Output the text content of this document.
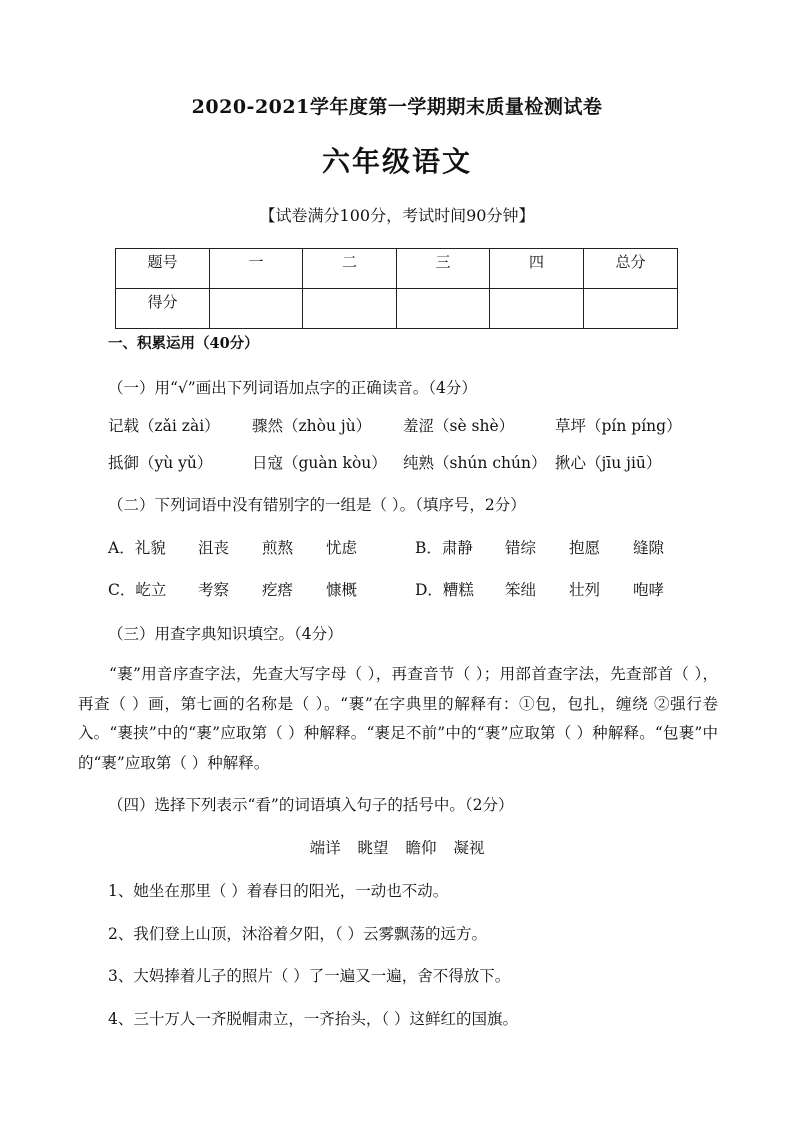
2020-2021学年度第一学期期末质量检测试卷
六年级语文
【试卷满分100分，考试时间90分钟】
题号	一	二	三	四	总分
得分					
一、积累运用（40分）
（一）用“√”画出下列词语加点字的正确读音。（4分）
记载（zǎi zài） 骤然（zhòu jù） 羞涩（sè shè）	草坪（pín píng）
抵御（yù yǔ）	日寇（guàn kòu） 纯熟（shún chún） 揪心（jīu jiū）
（二）下列词语中没有错别字的一组是（ ）。（填序号，2分）
A．礼貌 沮丧 煎熬 忧虑	B．肃静 错综 抱愿 缝隙
C．屹立 考察 疙瘩 慷概	D．糟糕 笨绌 壮列 咆哮
（三）用查字典知识填空。（4分）
“裹”用音序查字法，先查大写字母（ ），再查音节（ ）；用部首查字法，先查部首（ ），再查（ ）画，第七画的名称是（ ）。“裹”在字典里的解释有：①包，包扎，缠绕 ②强行卷入。“裹挟”中的“裹”应取第（ ）种解释。“裹足不前”中的“裹”应取第（ ）种解释。“包裹”中的“裹”应取第（ ）种解释。
（四）选择下列表示“看”的词语填入句子的括号中。（2分）
端详 眺望 瞻仰 凝视
1、她坐在那里（ ）着春日的阳光，一动也不动。
2、我们登上山顶，沐浴着夕阳，（ ）云雾飘荡的远方。
3、大妈捧着儿子的照片（ ）了一遍又一遍，舍不得放下。
4、三十万人一齐脱帽肃立，一齐抬头，（ ）这鲜红的国旗。
